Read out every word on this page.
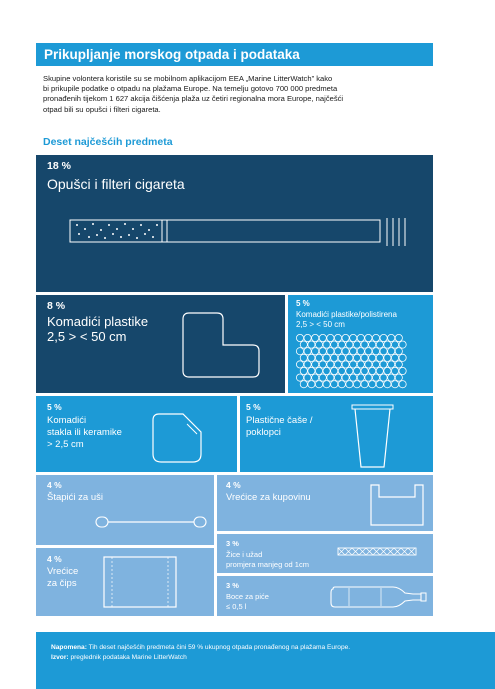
Prikupljanje morskog otpada i podataka
Skupine volontera koristile su se mobilnom aplikacijom EEA „Marine LitterWatch” kako
bi prikupile podatke o otpadu na plažama Europe. Na temelju gotovo 700 000 predmeta
pronađenih tijekom 1 627 akcija čišćenja plaža uz četiri regionalna mora Europe, najčešći
otpad bili su opušci i filteri cigareta.
Deset najčešćih predmeta
18 %
Opušci i filteri cigareta
8 %
Komadići plastike
2,5 > < 50 cm
5 %
Komadići plastike/polistirena
2,5 > < 50 cm
5 %
Komadići
stakla ili keramike
> 2,5 cm
5 %
Plastične čaše /
poklopci
4 %
Štapići za uši
4 %
Vrećice za kupovinu
4 %
Vrećice
za čips
3 %
Žice i užad
promjera manjeg od 1cm
3 %
Boce za piće
≤ 0,5 l
Napomena: Tih deset najčešćih predmeta čini 59 % ukupnog otpada pronađenog na plažama Europe.
Izvor: preglednik podataka Marine LitterWatch
